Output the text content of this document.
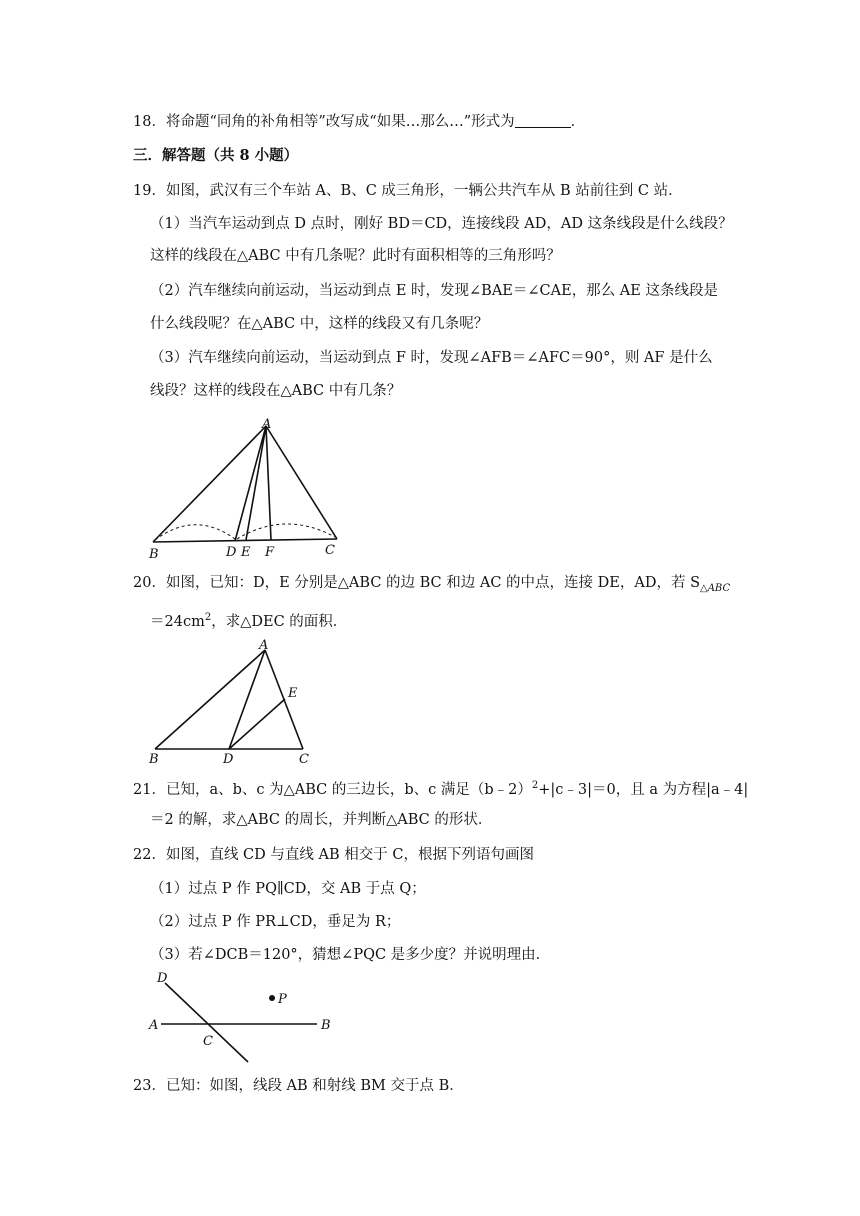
18．将命题“同角的补角相等”改写成“如果…那么…”形式为	．
三．解答题（共 8 小题）
19．如图，武汉有三个车站 A、B、C 成三角形，一辆公共汽车从 B 站前往到 C 站．
（1）当汽车运动到点 D 点时，刚好 BD＝CD，连接线段 AD，AD 这条线段是什么线段？
这样的线段在△ABC 中有几条呢？此时有面积相等的三角形吗？
（2）汽车继续向前运动，当运动到点 E 时，发现∠BAE＝∠CAE，那么 AE 这条线段是
什么线段呢？在△ABC 中，这样的线段又有几条呢？
（3）汽车继续向前运动，当运动到点 F 时，发现∠AFB＝∠AFC＝90°，则 AF 是什么
线段？这样的线段在△ABC 中有几条？
A
B	D E F	C
20．如图，已知：D，E 分别是△ABC 的边 BC 和边 AC 的中点，连接 DE，AD，若 $S_{\triangle ABC}$
$=24cm^2$，求△DEC 的面积．
A
E
B	D	C
21．已知，a、b、c 为△ABC 的三边长，b、c 满足（b﹣2）$^2$+|c﹣3|＝0，且 a 为方程|a﹣4|
＝2 的解，求△ABC 的周长，并判断△ABC 的形状．
22．如图，直线 CD 与直线 AB 相交于 C，根据下列语句画图
（1）过点 P 作 PQ∥CD，交 AB 于点 Q；
（2）过点 P 作 PR⊥CD，垂足为 R；
（3）若∠DCB＝120°，猜想∠PQC 是多少度？并说明理由．
D
P
A	B
C
23．已知：如图，线段 AB 和射线 BM 交于点 B．
